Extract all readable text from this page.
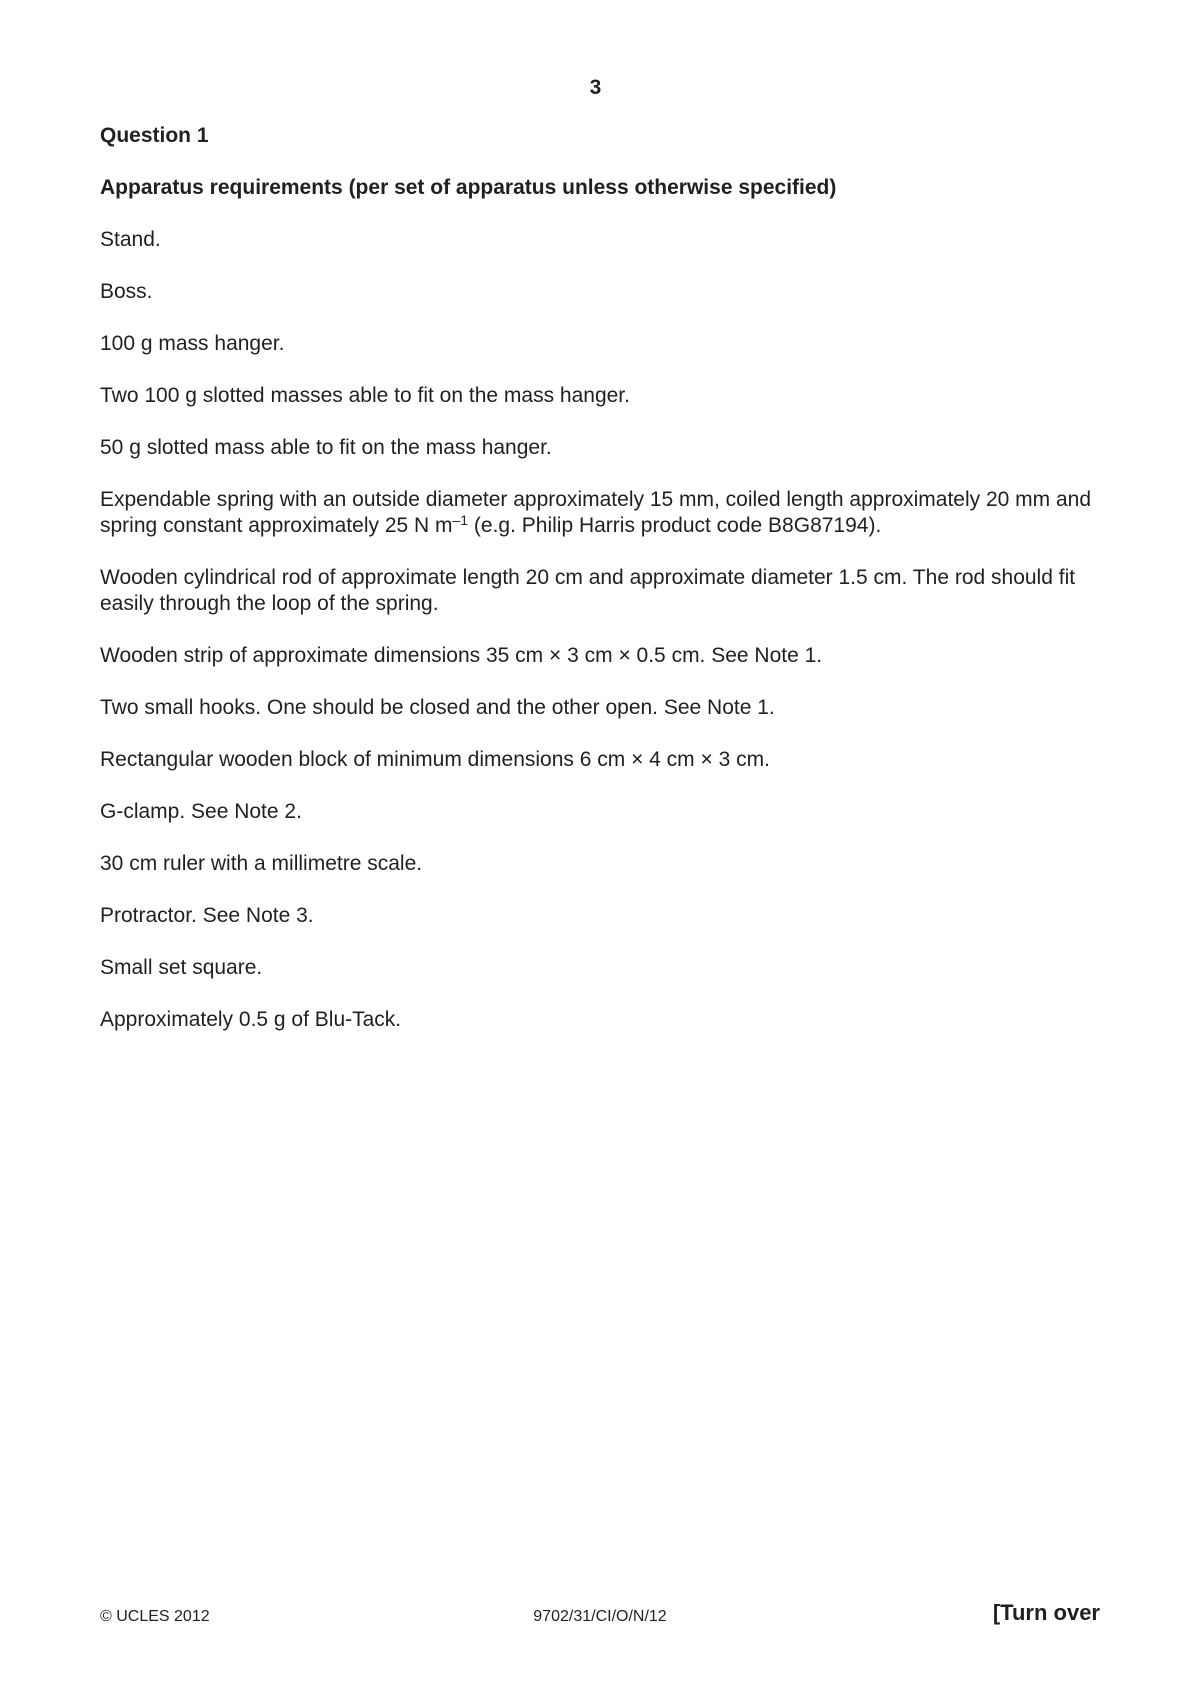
3
Question 1
Apparatus requirements (per set of apparatus unless otherwise specified)
Stand.
Boss.
100 g mass hanger.
Two 100 g slotted masses able to fit on the mass hanger.
50 g slotted mass able to fit on the mass hanger.
Expendable spring with an outside diameter approximately 15 mm, coiled length approximately 20 mm and spring constant approximately 25 N $m^{-1}$ (e.g. Philip Harris product code B8G87194).
Wooden cylindrical rod of approximate length 20 cm and approximate diameter 1.5 cm. The rod should fit easily through the loop of the spring.
Wooden strip of approximate dimensions 35 cm × 3 cm × 0.5 cm. See Note 1.
Two small hooks. One should be closed and the other open. See Note 1.
Rectangular wooden block of minimum dimensions 6 cm × 4 cm × 3 cm.
G-clamp. See Note 2.
30 cm ruler with a millimetre scale.
Protractor. See Note 3.
Small set square.
Approximately 0.5 g of Blu-Tack.
© UCLES 2012	9702/31/CI/O/N/12	[Turn over
